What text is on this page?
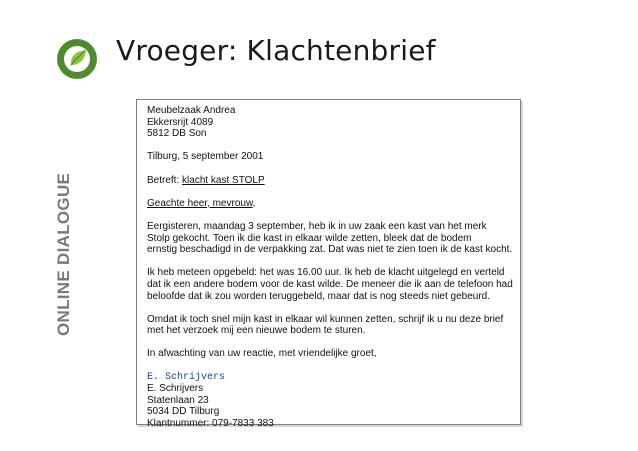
Vroeger: Klachtenbrief
ONLINE DIALOGUE
Meubelzaak Andrea
Ekkersrijt 4089
5812 DB Son
Tilburg, 5 september 2001
Betreft: klacht kast STOLP
Geachte heer, mevrouw,
Eergisteren, maandag 3 september, heb ik in uw zaak een kast van het merk
Stolp gekocht. Toen ik die kast in elkaar wilde zetten, bleek dat de bodem
ernstig beschadigd in de verpakking zat. Dat was niet te zien toen ik de kast kocht.
Ik heb meteen opgebeld: het was 16.00 uur. Ik heb de klacht uitgelegd en verteld
dat ik een andere bodem voor de kast wilde. De meneer die ik aan de telefoon had
beloofde dat ik zou worden teruggebeld, maar dat is nog steeds niet gebeurd.
Omdat ik toch snel mijn kast in elkaar wil kunnen zetten, schrijf ik u nu deze brief
met het verzoek mij een nieuwe bodem te sturen.
In afwachting van uw reactie, met vriendelijke groet,
E. Schrijvers
E. Schrijvers
Statenlaan 23
5034 DD Tilburg
Klantnummer: 079-7833 383
